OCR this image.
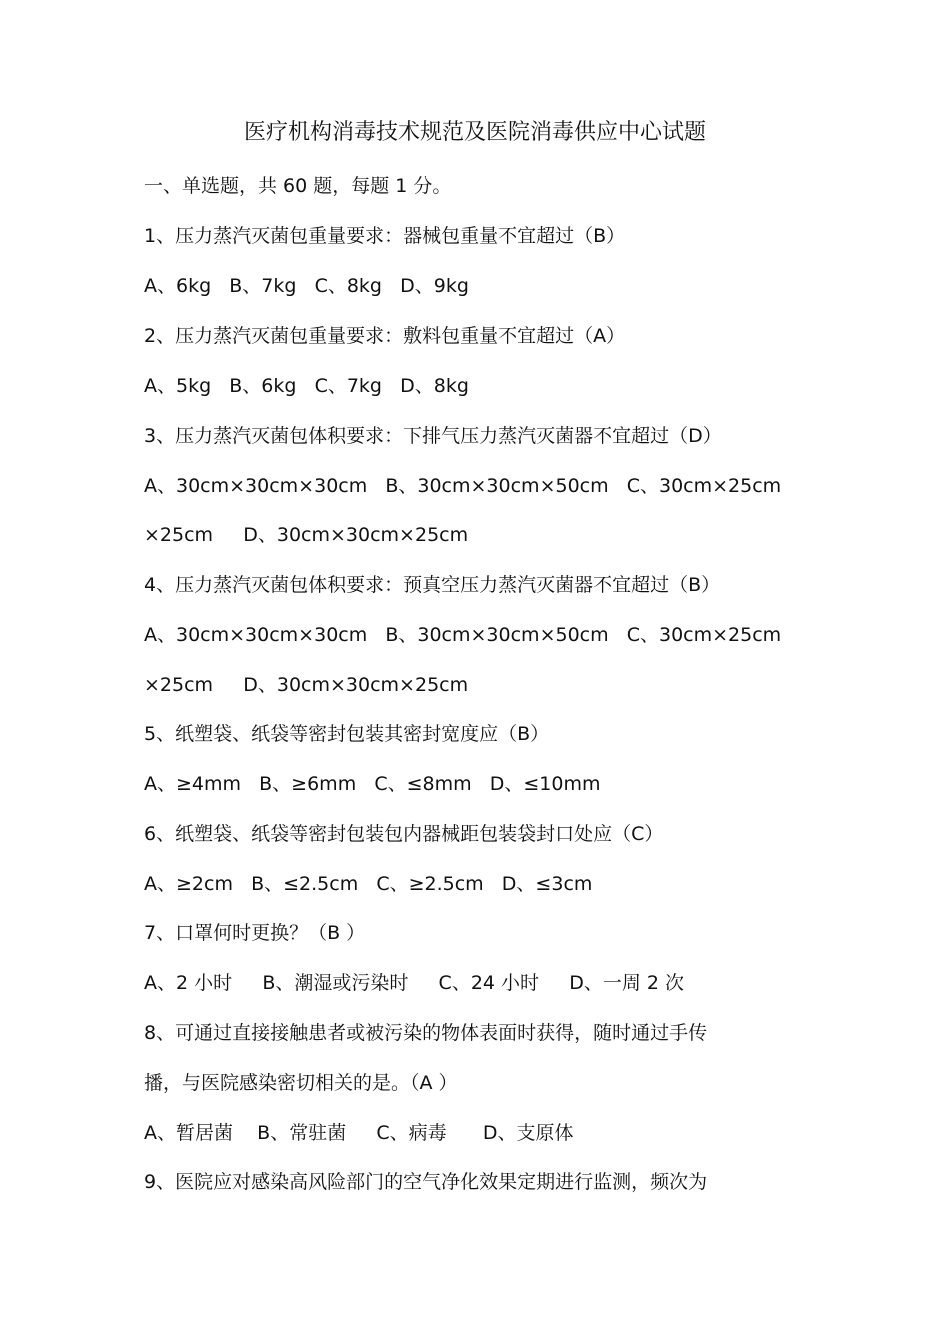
医疗机构消毒技术规范及医院消毒供应中心试题
一、单选题，共 60 题，每题 1 分。
1、压力蒸汽灭菌包重量要求：器械包重量不宜超过（B）
A、6kg   B、7kg   C、8kg   D、9kg
2、压力蒸汽灭菌包重量要求：敷料包重量不宜超过（A）
A、5kg   B、6kg   C、7kg   D、8kg
3、压力蒸汽灭菌包体积要求：下排气压力蒸汽灭菌器不宜超过（D）
A、30cm×30cm×30cm   B、30cm×30cm×50cm   C、30cm×25cm
×25cm     D、30cm×30cm×25cm
4、压力蒸汽灭菌包体积要求：预真空压力蒸汽灭菌器不宜超过（B）
A、30cm×30cm×30cm   B、30cm×30cm×50cm   C、30cm×25cm
×25cm     D、30cm×30cm×25cm
5、纸塑袋、纸袋等密封包装其密封宽度应（B）
A、≥4mm   B、≥6mm   C、≤8mm   D、≤10mm
6、纸塑袋、纸袋等密封包装包内器械距包装袋封口处应（C）
A、≥2cm   B、≤2.5cm   C、≥2.5cm   D、≤3cm
7、口罩何时更换？（B ）
A、2 小时     B、潮湿或污染时     C、24 小时     D、一周 2 次
8、可通过直接接触患者或被污染的物体表面时获得，随时通过手传
播，与医院感染密切相关的是。（A ）
A、暂居菌    B、常驻菌     C、病毒      D、支原体
9、医院应对感染高风险部门的空气净化效果定期进行监测，频次为
